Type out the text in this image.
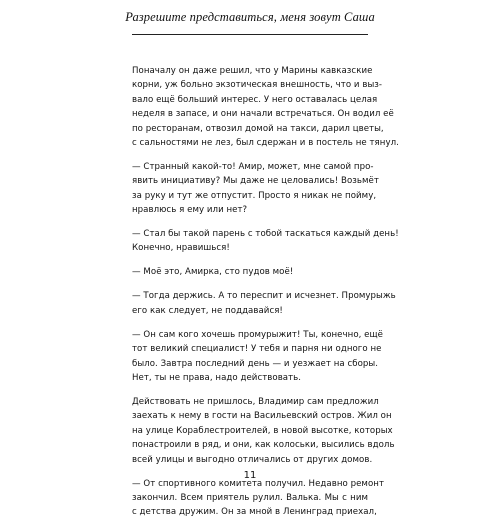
Разрешите представиться, меня зовут Саша

Поначалу он даже решил, что у Марины кавказские
корни, уж больно экзотическая внешность, что и выз-
вало ещё больший интерес. У него оставалась целая
неделя в запасе, и они начали встречаться. Он водил её
по ресторанам, отвозил домой на такси, дарил цветы,
с сальностями не лез, был сдержан и в постель не тянул.

— Странный какой-то! Амир, может, мне самой про-
явить инициативу? Мы даже не целовались! Возьмёт
за руку и тут же отпустит. Просто я никак не пойму,
нравлюсь я ему или нет?

— Стал бы такой парень с тобой таскаться каждый день!
Конечно, нравишься!

— Моё это, Амирка, сто пудов моё!

— Тогда держись. А то переспит и исчезнет. Промурыжь
его как следует, не поддавайся!

— Он сам кого хочешь промурыжит! Ты, конечно, ещё
тот великий специалист! У тебя и парня ни одного не
было. Завтра последний день — и уезжает на сборы.
Нет, ты не права, надо действовать.

Действовать не пришлось, Владимир сам предложил
заехать к нему в гости на Васильевский остров. Жил он
на улице Кораблестроителей, в новой высотке, которых
понастроили в ряд, и они, как колоськи, высились вдоль
всей улицы и выгодно отличались от других домов.

— От спортивного комитета получил. Недавно ремонт
закончил. Всем приятель рулил. Валька. Мы с ним
с детства дружим. Он за мной в Ленинград приехал,

11
